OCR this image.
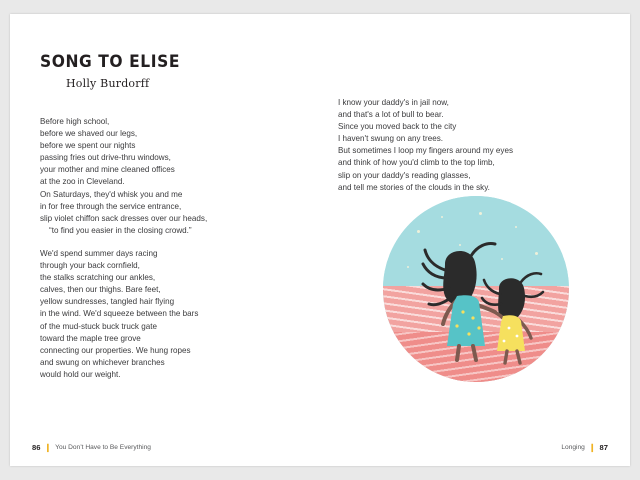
SONG TO ELISE
Holly Burdorff

Before high school,
before we shaved our legs,
before we spent our nights
passing fries out drive-thru windows,
your mother and mine cleaned offices
at the zoo in Cleveland.
On Saturdays, they'd whisk you and me
in for free through the service entrance,
slip violet chiffon sack dresses over our heads,
“to find you easier in the closing crowd.”

We'd spend summer days racing
through your back cornfield,
the stalks scratching our ankles,
calves, then our thighs. Bare feet,
yellow sundresses, tangled hair flying
in the wind. We'd squeeze between the bars
of the mud-stuck buck truck gate
toward the maple tree grove
connecting our properties. We hung ropes
and swung on whichever branches
would hold our weight.

86 ❙ You Don’t Have to Be Everything

I know your daddy's in jail now,
and that's a lot of bull to bear.
Since you moved back to the city
I haven't swung on any trees.
But sometimes I loop my fingers around my eyes
and think of how you'd climb to the top limb,
slip on your daddy's reading glasses,
and tell me stories of the clouds in the sky.

Longing ❙ 87
